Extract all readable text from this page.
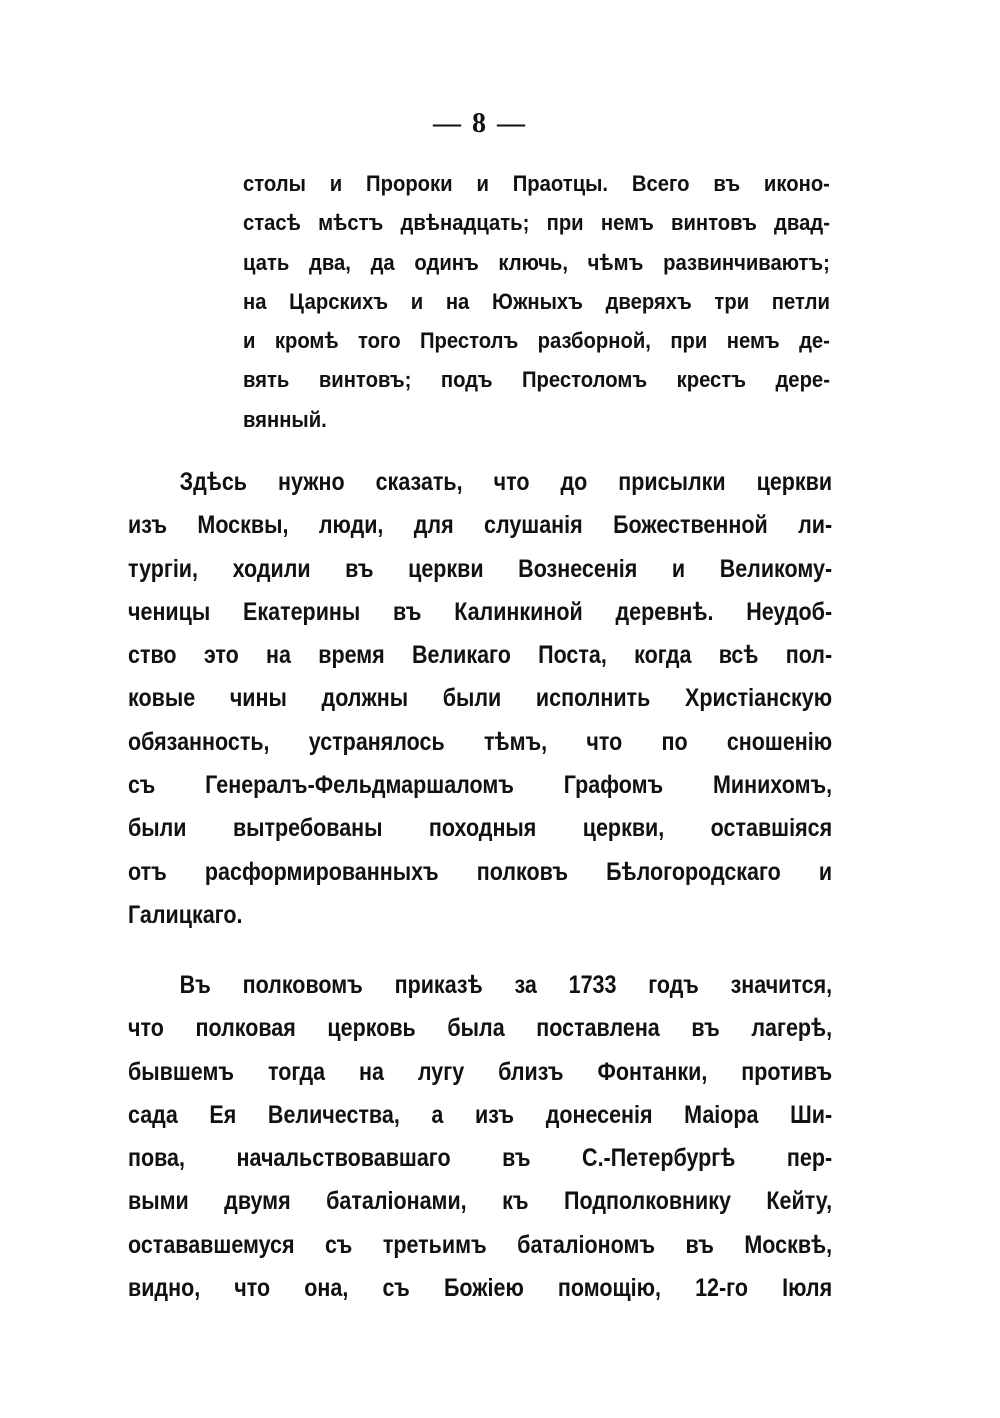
— 8 —
столы и Пророки и Праотцы. Всего въ иконо-
стасѣ мѣстъ двѣнадцать; при немъ винтовъ двад-
цать два, да одинъ ключь, чѣмъ развинчиваютъ;
на Царскихъ и на Южныхъ дверяхъ три петли
и кромѣ того Престолъ разборной, при немъ де-
вять винтовъ; подъ Престоломъ крестъ дере-
вянный.
Здѣсь нужно сказать, что до присылки церкви
изъ Москвы, люди, для слушанія Божественной ли-
тургіи, ходили въ церкви Вознесенія и Великому-
ченицы Екатерины въ Калинкиной деревнѣ. Неудоб-
ство это на время Великаго Поста, когда всѣ пол-
ковые чины должны были исполнить Христіанскую
обязанность, устранялось тѣмъ, что по сношенію
съ Генералъ-Фельдмаршаломъ Графомъ Минихомъ,
были вытребованы походныя церкви, оставшіяся
отъ расформированныхъ полковъ Бѣлогородскаго и
Галицкаго.
Въ полковомъ приказѣ за 1733 годъ значится,
что полковая церковь была поставлена въ лагерѣ,
бывшемъ тогда на лугу близъ Фонтанки, противъ
сада Ея Величества, а изъ донесенія Маіора Ши-
пова, начальствовавшаго въ С.-Петербургѣ пер-
выми двумя баталіонами, къ Подполковнику Кейту,
остававшемуся съ третьимъ баталіономъ въ Москвѣ,
видно, что она, съ Божіею помощію, 12-го Іюля
